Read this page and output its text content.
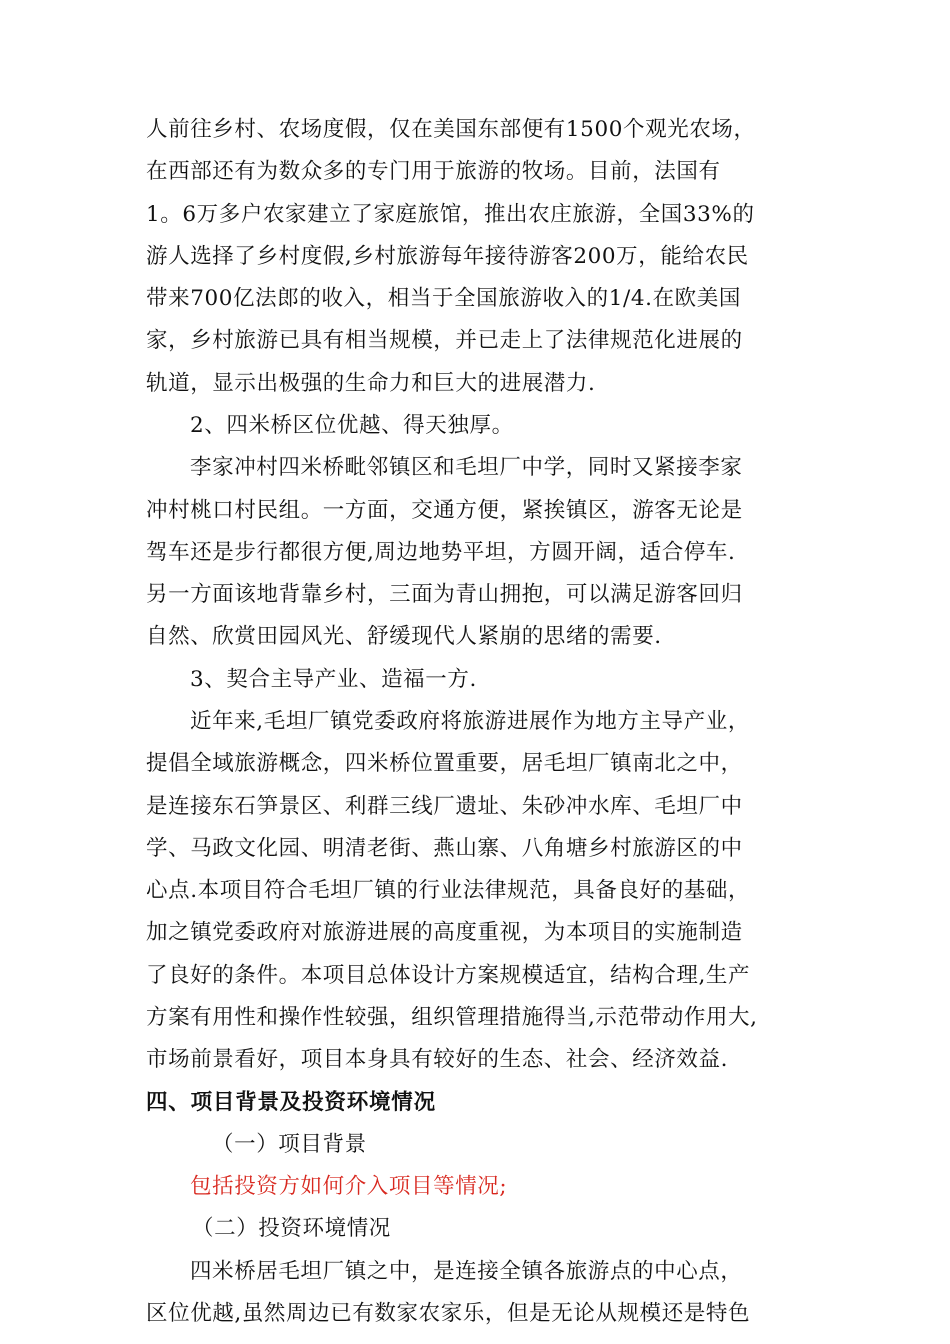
人前往乡村、农场度假，仅在美国东部便有1500个观光农场，
在西部还有为数众多的专门用于旅游的牧场。目前，法国有
1。6万多户农家建立了家庭旅馆，推出农庄旅游，全国33%的
游人选择了乡村度假,乡村旅游每年接待游客200万，能给农民
带来700亿法郎的收入，相当于全国旅游收入的1/4.在欧美国
家，乡村旅游已具有相当规模，并已走上了法律规范化进展的
轨道，显示出极强的生命力和巨大的进展潜力.
2、四米桥区位优越、得天独厚。
李家冲村四米桥毗邻镇区和毛坦厂中学，同时又紧接李家
冲村桃口村民组。一方面，交通方便，紧挨镇区，游客无论是
驾车还是步行都很方便,周边地势平坦，方圆开阔，适合停车.
另一方面该地背靠乡村，三面为青山拥抱，可以满足游客回归
自然、欣赏田园风光、舒缓现代人紧崩的思绪的需要.
3、契合主导产业、造福一方.
近年来,毛坦厂镇党委政府将旅游进展作为地方主导产业，
提倡全域旅游概念，四米桥位置重要，居毛坦厂镇南北之中，
是连接东石笋景区、利群三线厂遗址、朱砂冲水库、毛坦厂中
学、马政文化园、明清老街、燕山寨、八角塘乡村旅游区的中
心点.本项目符合毛坦厂镇的行业法律规范，具备良好的基础，
加之镇党委政府对旅游进展的高度重视，为本项目的实施制造
了良好的条件。本项目总体设计方案规模适宜，结构合理,生产
方案有用性和操作性较强，组织管理措施得当,示范带动作用大,
市场前景看好，项目本身具有较好的生态、社会、经济效益.
四、项目背景及投资环境情况
（一）项目背景
包括投资方如何介入项目等情况;
（二）投资环境情况
四米桥居毛坦厂镇之中，是连接全镇各旅游点的中心点，
区位优越,虽然周边已有数家农家乐，但是无论从规模还是特色
